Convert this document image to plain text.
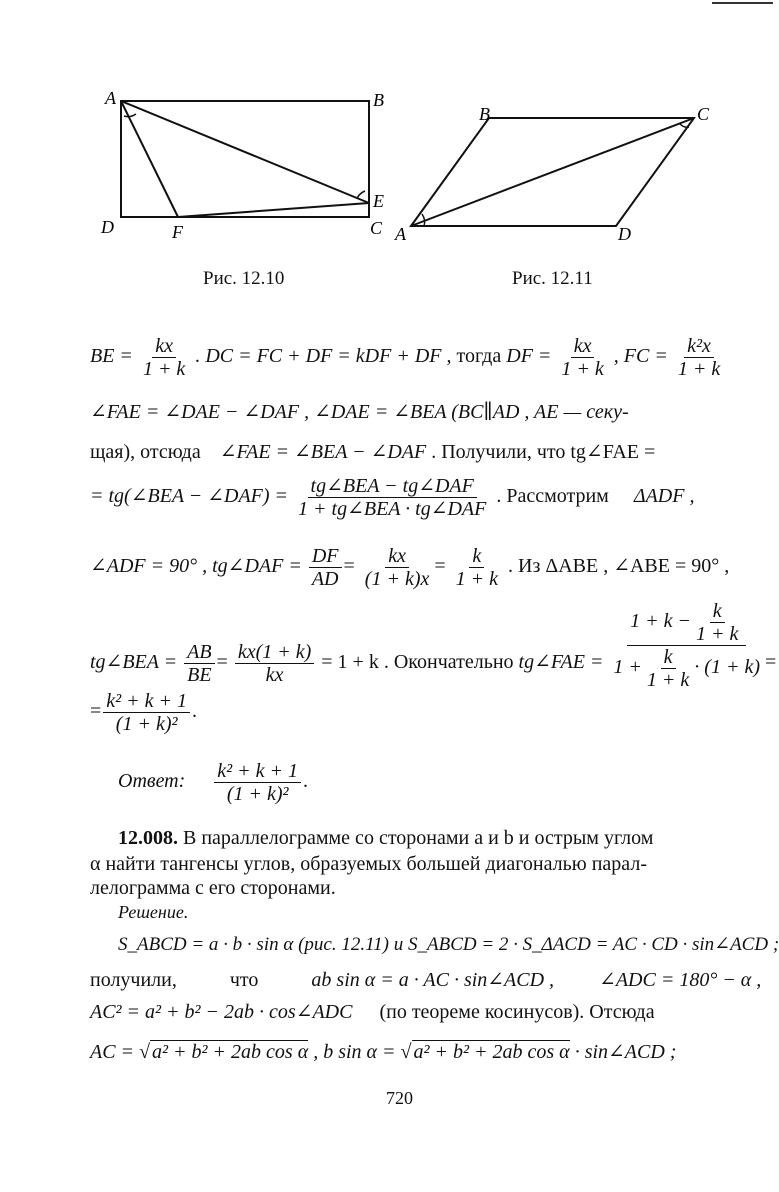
A	B
E
D	F	C
Рис. 12.10
B	C
A	D
Рис. 12.11
BE = $\frac{kx}{1 + k}$ . DC = FC + DF = kDF + DF , тогда DF = $\frac{kx}{1 + k}$ , FC = $\frac{\text{k²x}}{1 + k}$
∠FAE = ∠DAE − ∠DAF , ∠DAE = ∠BEA (BC∥AD , AE — секу-
щая), отсюда ∠FAE = ∠BEA − ∠DAF . Получили, что tg∠FAE =
= tg(∠BEA − ∠DAF) = $\frac{\text{tg∠BEA − tg∠DAF}}{\text{1 + tg∠BEA · tg∠DAF}}$ . Рассмотрим ΔADF ,
∠ADF = 90° , tg∠DAF = $\frac{DF}{AD} = \frac{kx}{(1 + k)x} = \frac{k}{1 + k}$ . Из ΔABE , ∠ABE = 90° ,
tg∠BEA = $\frac{AB}{BE} = \frac{kx(1 + k)}{kx} = 1 + k$ . Окончательно tg∠FAE = $\frac{1 + k - \frac{k}{1 + k}}{1 + \frac{k}{1 + k} \cdot (1 + k)}$ =
= $\frac{\text{k² + k + 1}}{\text{(1 + k)²}}$ .
Ответ: $\frac{\text{k² + k + 1}}{\text{(1 + k)²}}$ .
12.008. В параллелограмме со сторонами a и b и острым углом
α найти тангенсы углов, образуемых большей диагональю парал-
лелограмма с его сторонами.
Решение.
S_ABCD = a · b · sin α (рис. 12.11) и S_ABCD = 2 · S_ΔACD = AC · CD · sin∠ACD ;
получили,	что	ab sin α = a · AC · sin∠ACD , ∠ADC = 180° − α ,
AC² = a² + b² − 2ab · cos∠ADC (по теореме косинусов). Отсюда
AC = √ a² + b² + 2ab cos α , b sin α = √ a² + b² + 2ab cos α · sin∠ACD ;
720
